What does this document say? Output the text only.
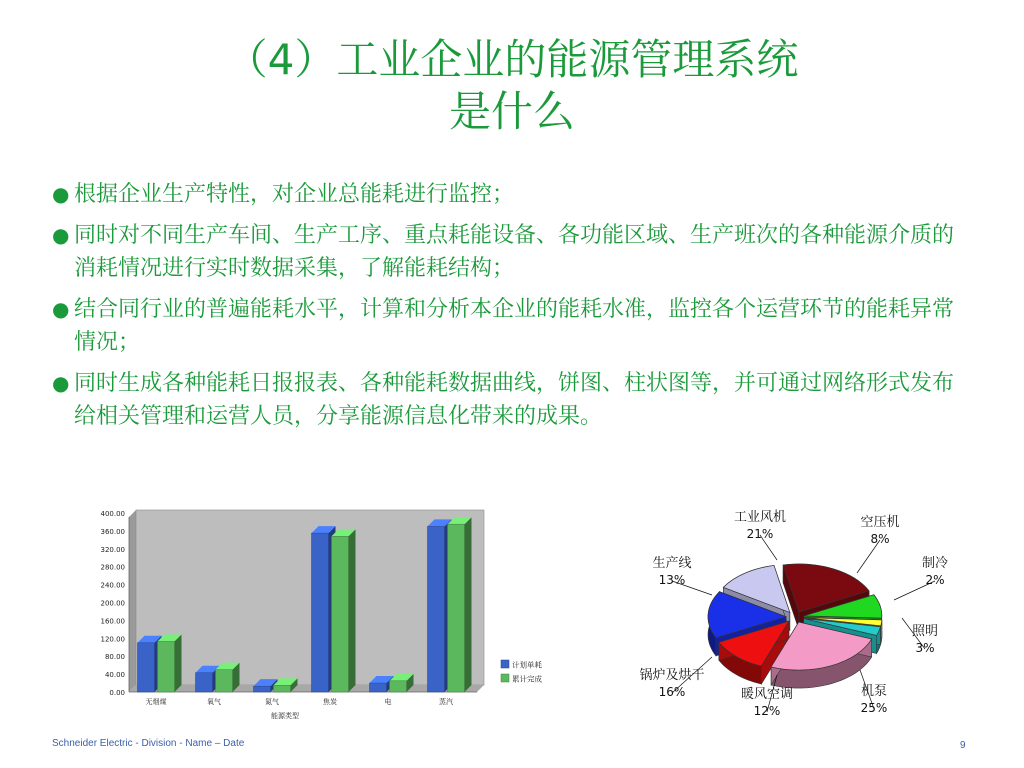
（4）工业企业的能源管理系统
是什么
● 根据企业生产特性，对企业总能耗进行监控；
● 同时对不同生产车间、生产工序、重点耗能设备、各功能区域、生产班次的各种能源介质的消耗情况进行实时数据采集，了解能耗结构；
● 结合同行业的普遍能耗水平，计算和分析本企业的能耗水准，监控各个运营环节的能耗异常情况；
● 同时生成各种能耗日报报表、各种能耗数据曲线，饼图、柱状图等，并可通过网络形式发布给相关管理和运营人员，分享能源信息化带来的成果。
0.00
40.00
80.00
120.00
160.00
200.00
240.00
280.00
320.00
360.00
400.00
无烟煤	氧气	氮气	焦炭	电	蒸汽
能源类型
计划单耗
累计完成
工业风机
21%
空压机
8%
制冷
2%
照明
3%
机泵
25%
暖风空调
12%
锅炉及烘干
16%
生产线
13%
Schneider Electric - Division - Name – Date	9
